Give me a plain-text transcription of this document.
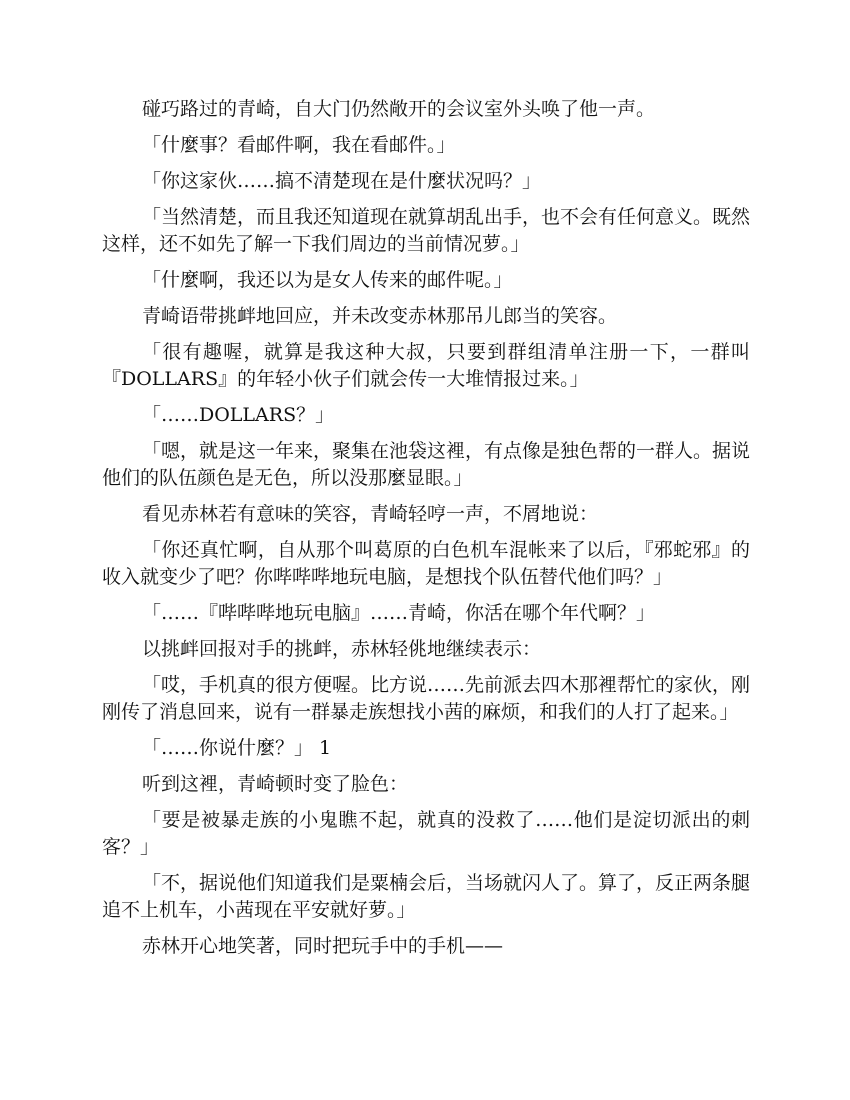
碰巧路过的青崎，自大门仍然敞开的会议室外头唤了他一声。

「什麼事？看邮件啊，我在看邮件。」

「你这家伙……搞不清楚现在是什麼状况吗？」

「当然清楚，而且我还知道现在就算胡乱出手，也不会有任何意义。既然这样，还不如先了解一下我们周边的当前情况萝。」

「什麼啊，我还以为是女人传来的邮件呢。」

青崎语带挑衅地回应，并未改变赤林那吊儿郎当的笑容。

「很有趣喔，就算是我这种大叔，只要到群组清单注册一下，一群叫『DOLLARS』的年轻小伙子们就会传一大堆情报过来。」

「……DOLLARS？」

「嗯，就是这一年来，聚集在池袋这裡，有点像是独色帮的一群人。据说他们的队伍颜色是无色，所以没那麼显眼。」

看见赤林若有意味的笑容，青崎轻哼一声，不屑地说：

「你还真忙啊，自从那个叫葛原的白色机车混帐来了以后，『邪蛇邪』的收入就变少了吧？你哔哔哔地玩电脑，是想找个队伍替代他们吗？」

「……『哔哔哔地玩电脑』……青崎，你活在哪个年代啊？」

以挑衅回报对手的挑衅，赤林轻佻地继续表示：

「哎，手机真的很方便喔。比方说……先前派去四木那裡帮忙的家伙，刚刚传了消息回来，说有一群暴走族想找小茜的麻烦，和我们的人打了起来。」

「……你说什麼？」 1

听到这裡，青崎顿时变了脸色：

「要是被暴走族的小鬼瞧不起，就真的没救了……他们是淀切派出的刺客？」

「不，据说他们知道我们是粟楠会后，当场就闪人了。算了，反正两条腿追不上机车，小茜现在平安就好萝。」

赤林开心地笑著，同时把玩手中的手机——
